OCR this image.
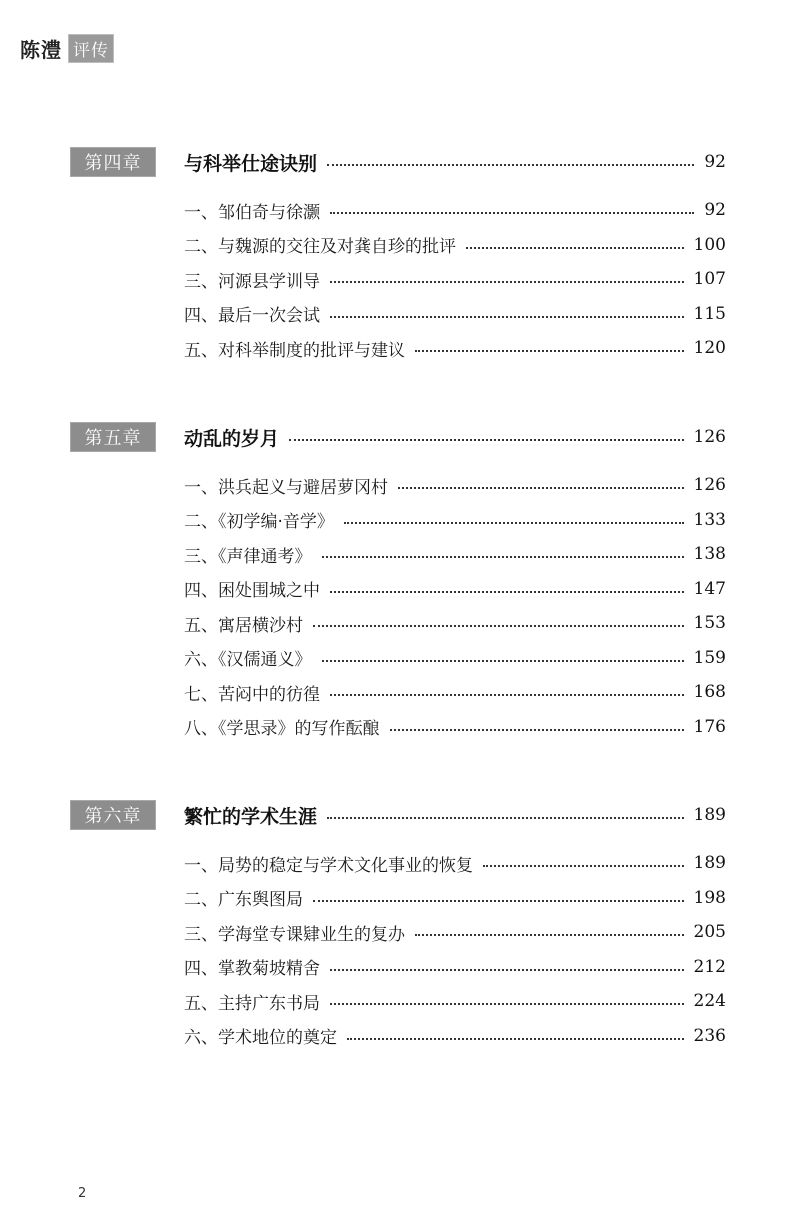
陈澧 评传
第四章	与科举仕途诀别	92
一、邹伯奇与徐灏	92
二、与魏源的交往及对龚自珍的批评	100
三、河源县学训导	107
四、最后一次会试	115
五、对科举制度的批评与建议	120
第五章	动乱的岁月	126
一、洪兵起义与避居萝冈村	126
二、《初学编·音学》	133
三、《声律通考》	138
四、困处围城之中	147
五、寓居横沙村	153
六、《汉儒通义》	159
七、苦闷中的彷徨	168
八、《学思录》的写作酝酿	176
第六章	繁忙的学术生涯	189
一、局势的稳定与学术文化事业的恢复	189
二、广东舆图局	198
三、学海堂专课肄业生的复办	205
四、掌教菊坡精舍	212
五、主持广东书局	224
六、学术地位的奠定	236
2
